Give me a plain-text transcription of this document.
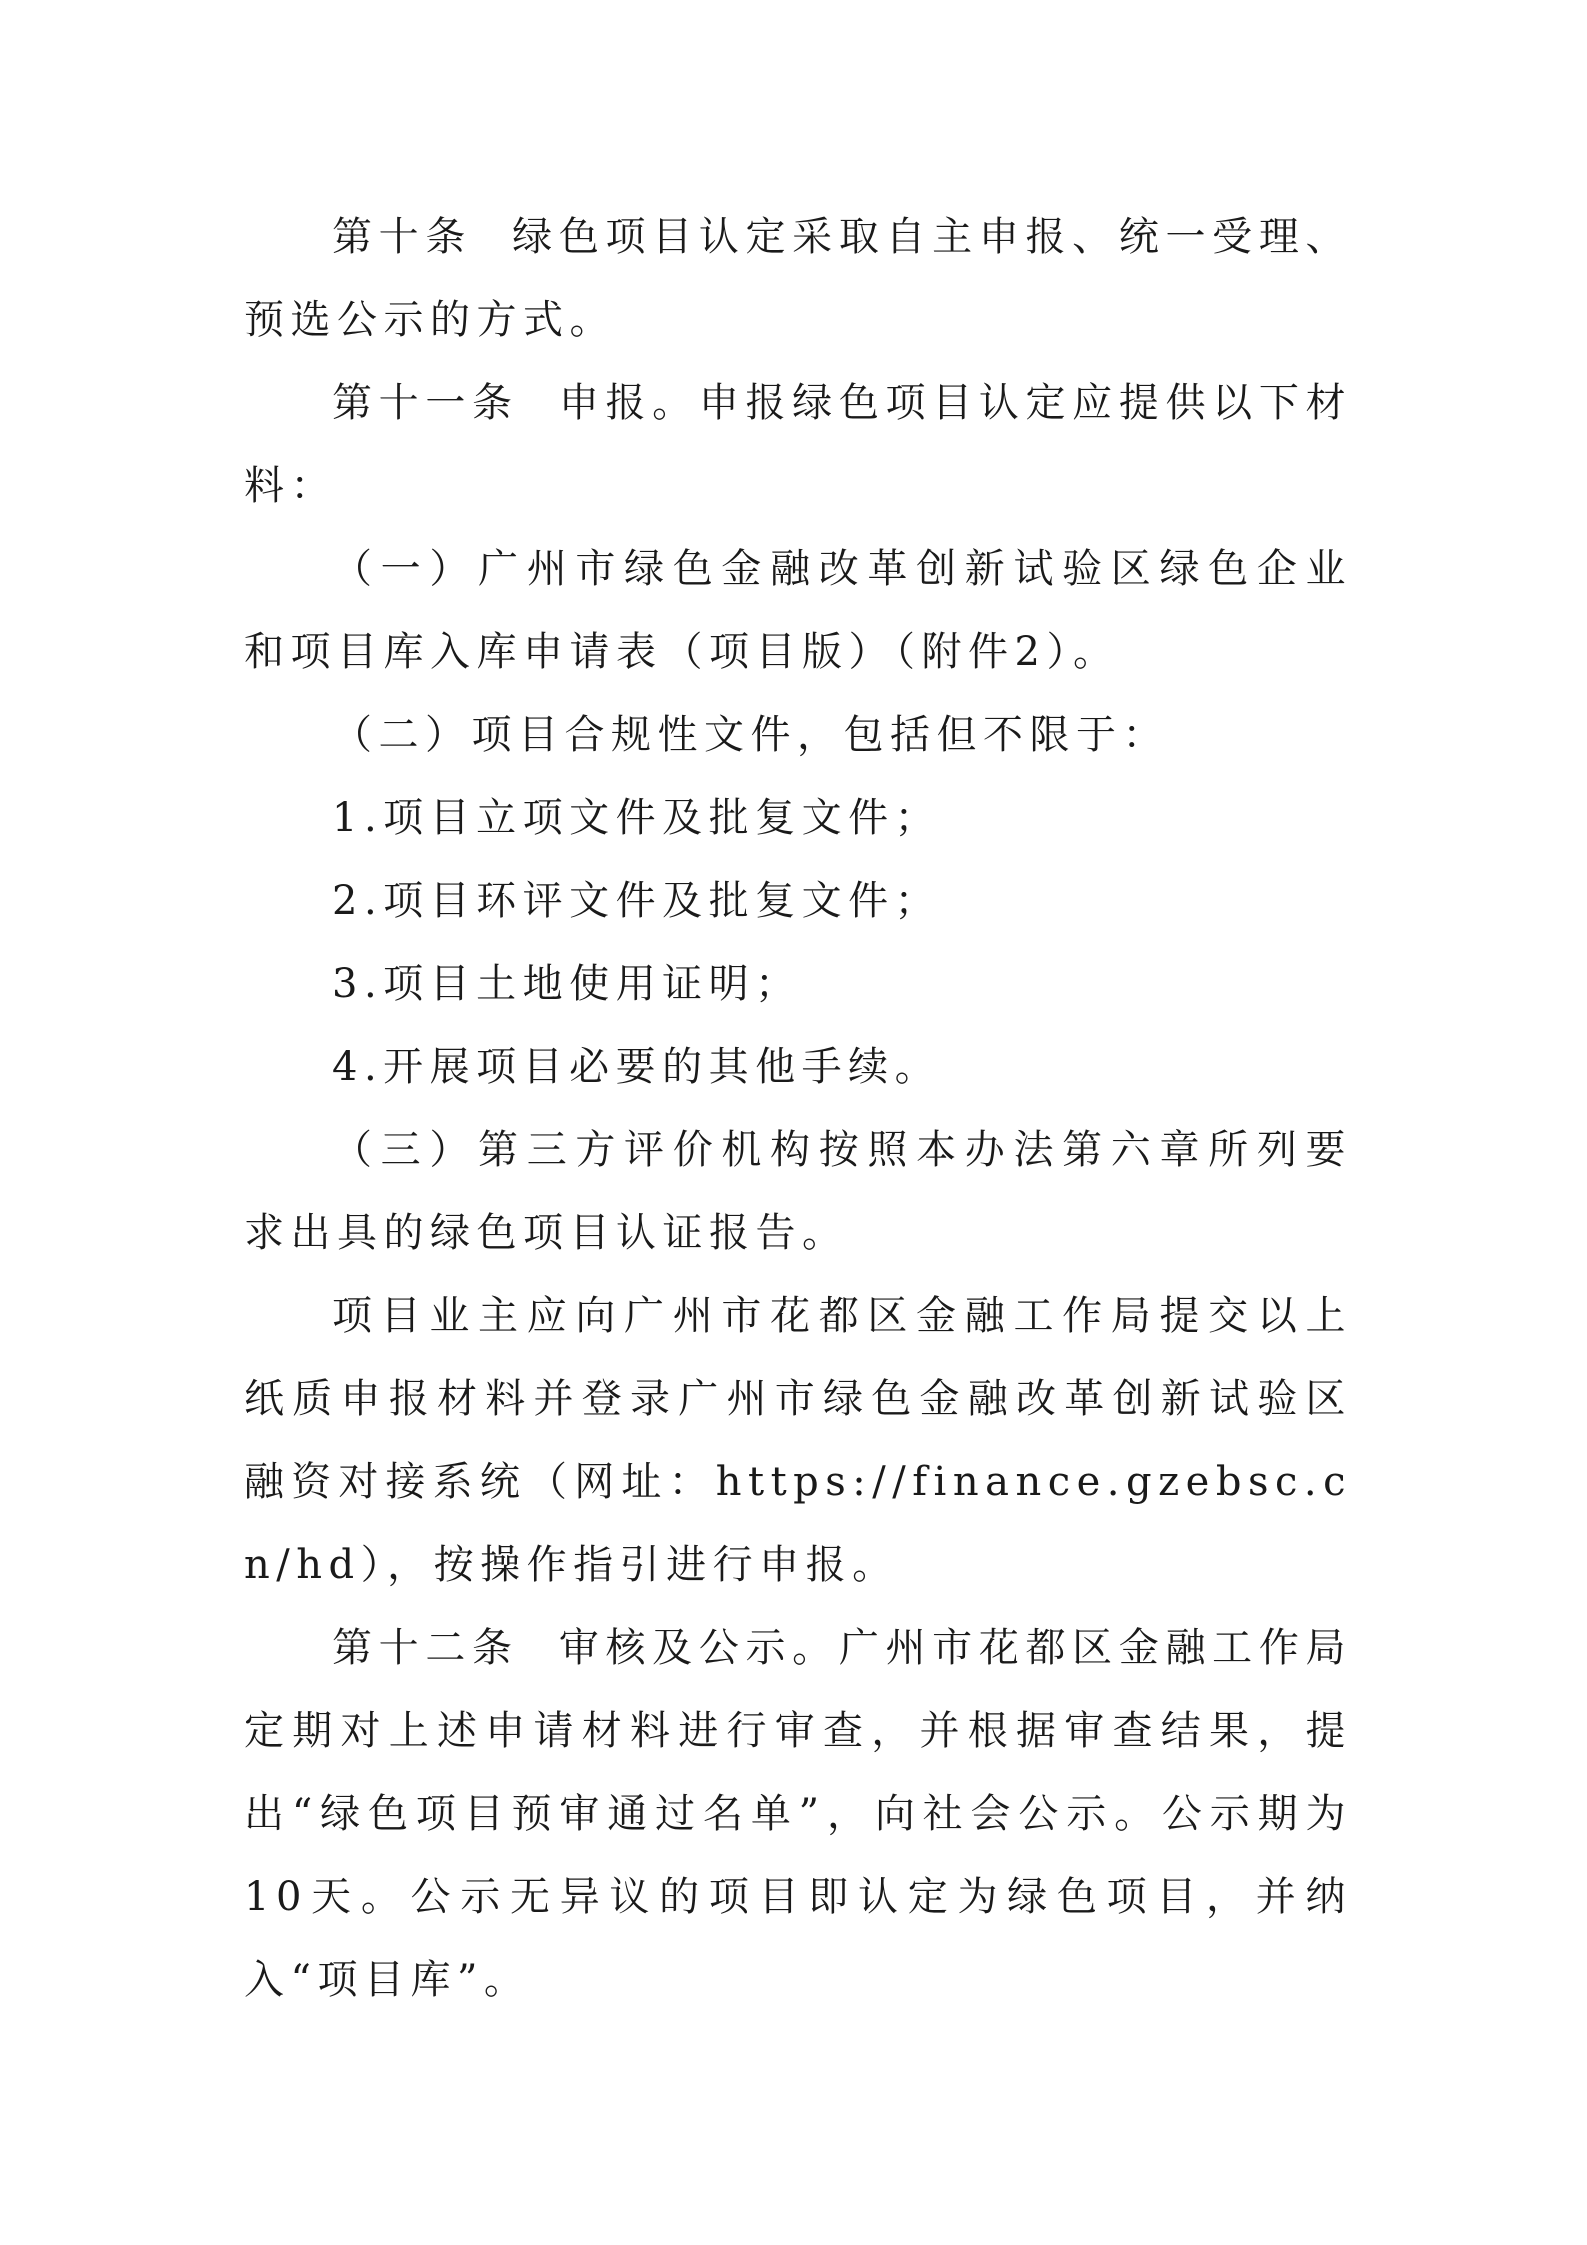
第十条 绿色项目认定采取自主申报、统一受理、预选公示的方式。

第十一条 申报。申报绿色项目认定应提供以下材料：

（一）广州市绿色金融改革创新试验区绿色企业和项目库入库申请表（项目版）（附件2）。

（二）项目合规性文件，包括但不限于：

1.项目立项文件及批复文件；

2.项目环评文件及批复文件；

3.项目土地使用证明；

4.开展项目必要的其他手续。

（三）第三方评价机构按照本办法第六章所列要求出具的绿色项目认证报告。

项目业主应向广州市花都区金融工作局提交以上纸质申报材料并登录广州市绿色金融改革创新试验区融资对接系统（网址：https://finance.gzebsc.cn/hd），按操作指引进行申报。

第十二条 审核及公示。广州市花都区金融工作局定期对上述申请材料进行审查，并根据审查结果，提出“绿色项目预审通过名单”，向社会公示。公示期为10天。公示无异议的项目即认定为绿色项目，并纳入“项目库”。
